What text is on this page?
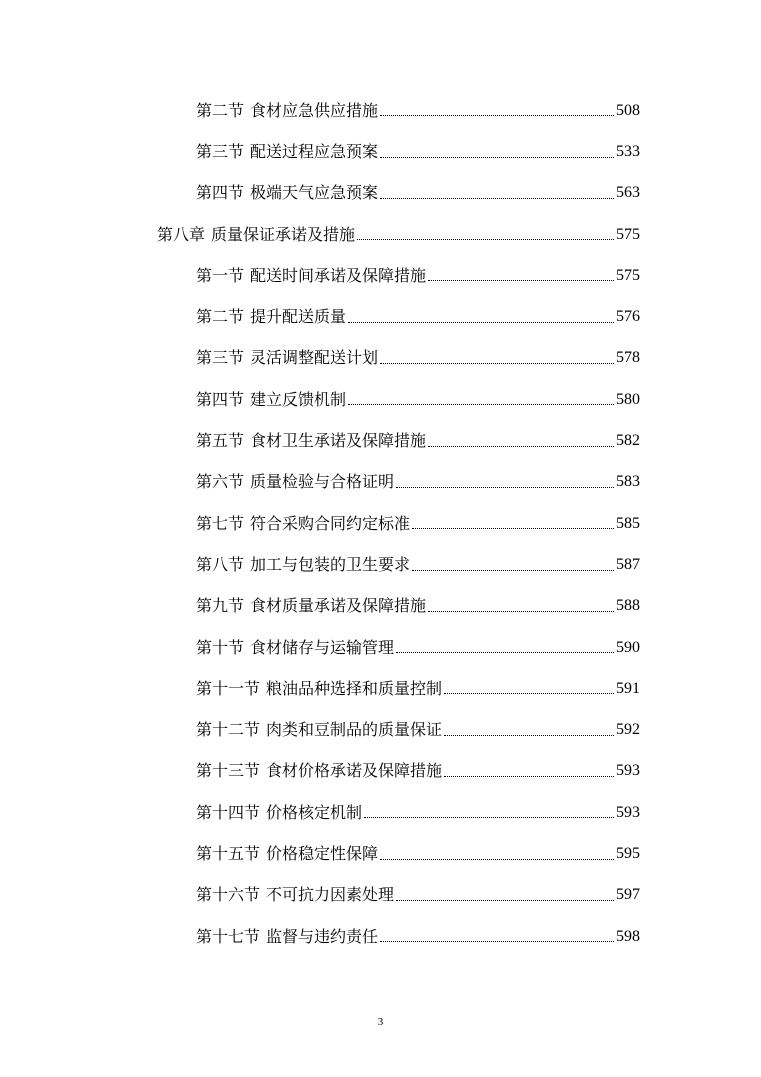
第二节 食材应急供应措施	508
第三节 配送过程应急预案	533
第四节 极端天气应急预案	563
第八章 质量保证承诺及措施	575
第一节 配送时间承诺及保障措施	575
第二节 提升配送质量	576
第三节 灵活调整配送计划	578
第四节 建立反馈机制	580
第五节 食材卫生承诺及保障措施	582
第六节 质量检验与合格证明	583
第七节 符合采购合同约定标准	585
第八节 加工与包装的卫生要求	587
第九节 食材质量承诺及保障措施	588
第十节 食材储存与运输管理	590
第十一节 粮油品种选择和质量控制	591
第十二节 肉类和豆制品的质量保证	592
第十三节 食材价格承诺及保障措施	593
第十四节 价格核定机制	593
第十五节 价格稳定性保障	595
第十六节 不可抗力因素处理	597
第十七节 监督与违约责任	598
3
